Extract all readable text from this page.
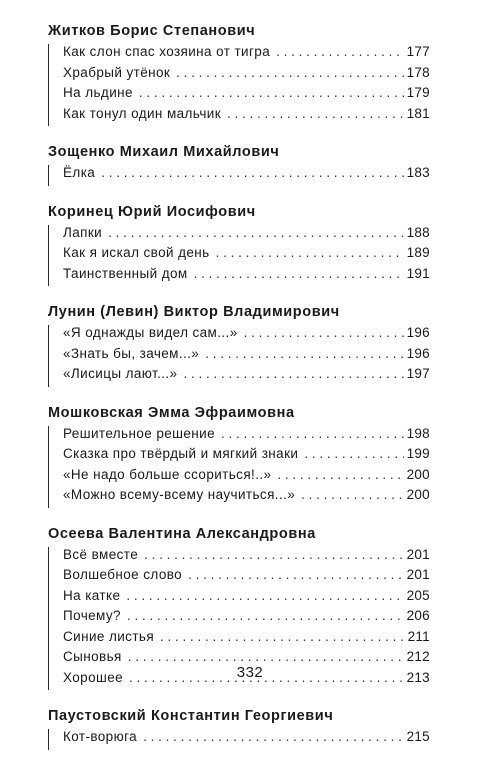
Житков Борис Степанович
Как слон спас хозяина от тигра . . .	177
Храбрый утёнок . . .	178
На льдине . . .	179
Как тонул один мальчик . . .	181
Зощенко Михаил Михайлович
Ёлка . . .	183
Коринец Юрий Иосифович
Лапки . . .	188
Как я искал свой день . . .	189
Таинственный дом . . .	191
Лунин (Левин) Виктор Владимирович
«Я однажды видел сам...» . . .	196
«Знать бы, зачем...» . . .	196
«Лисицы лают...» . . .	197
Мошковская Эмма Эфраимовна
Решительное решение . . .	198
Сказка про твёрдый и мягкий знаки . . .	199
«Не надо больше ссориться!..» . . .	200
«Можно всему-всему научиться...» . . .	200
Осеева Валентина Александровна
Всё вместе . . .	201
Волшебное слово . . .	201
На катке . . .	205
Почему? . . .	206
Синие листья . . .	211
Сыновья . . .	212
Хорошее . . .	213
Паустовский Константин Георгиевич
Кот-ворюга . . .	215
332
